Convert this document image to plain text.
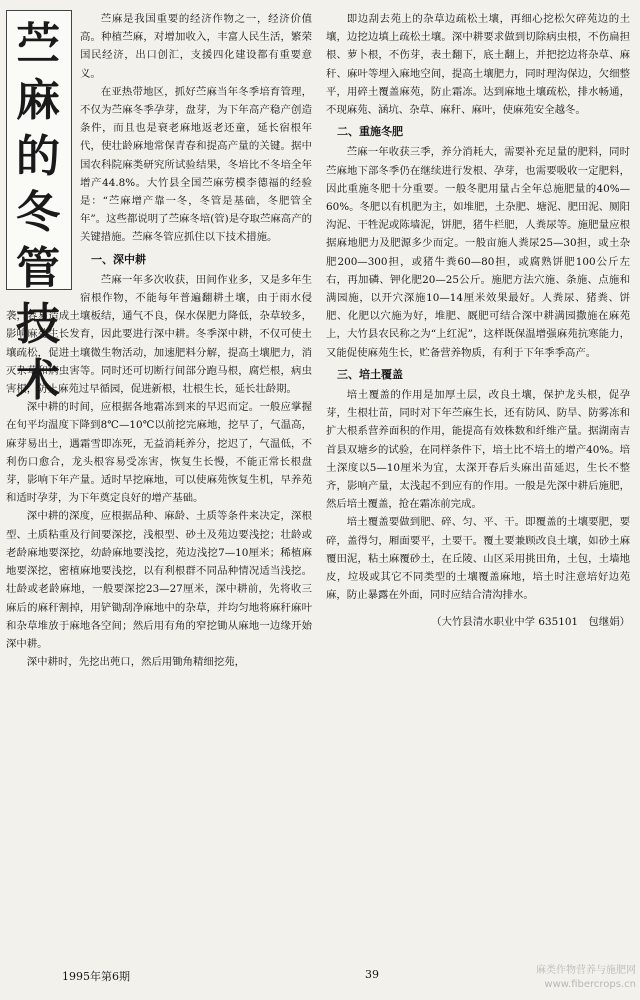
苎
麻
的
冬
管
技
术

苎麻是我国重要的经济作物之一，经济价值高。种植苎麻，对增加收入，丰富人民生活，繁荣国民经济，出口创汇，支援四化建设都有重要意义。

在亚热带地区，抓好苎麻当年冬季培育管理，不仅为苎麻冬季孕芽，盘芽，为下年高产稳产创造条件，而且也是衰老麻地返老还童，延长宿根年代，使壮龄麻地常保青春和提高产量的关键。据中国农科院麻类研究所试验结果，冬培比不冬培全年增产44.8%。大竹县全国苎麻劳模李德福的经验是：“苎麻增产靠一冬，冬管是基础，冬肥管全年”。这些都说明了苎麻冬培(管)是夺取苎麻高产的关键措施。苎麻冬管应抓住以下技术措施。

一、深中耕

苎麻一年多次收获，田间作业多，又是多年生宿根作物，不能每年普遍翻耕土壤，由于雨水侵袭，容易造成土壤板结，通气不良，保水保肥力降低，杂草较多，影响麻苑生长发育，因此要进行深中耕。冬季深中耕，不仅可使土壤疏松，促进土壤微生物活动，加速肥料分解，提高土壤肥力，消灭杂草和病虫害等。同时还可切断行间部分跑马根，腐烂根，病虫害根，防止麻苑过早循园，促进新根，壮根生长，延长壮龄期。

深中耕的时间，应根据各地霜冻到来的早迟而定。一般应掌握在旬平均温度下降到8℃—10℃以前挖完麻地，挖早了，气温高，麻芽易出土，遇霜雪即冻死，无益消耗养分，挖迟了，气温低，不利伤口愈合，龙头根容易受冻害，恢复生长慢，不能正常长根盘芽，影响下年产量。适时早挖麻地，可以使麻苑恢复生机，早养苑和适时孕芽，为下年奠定良好的增产基础。

深中耕的深度，应根据品种、麻龄、土质等条件来决定，深根型、土质粘重及行间要深挖，浅根型、砂土及苑边要浅挖；壮龄或老龄麻地要深挖，幼龄麻地要浅挖，苑边浅挖7—10厘米；稀植麻地要深挖，密植麻地要浅挖，以有利根群不同品种情况适当浅挖。壮龄或老龄麻地，一般要深挖23—27厘米，深中耕前，先将收三麻后的麻秆割掉，用铲锄刮净麻地中的杂草，并均匀地将麻秆麻叶和杂草堆放于麻地各空间；然后用有角的窄挖锄从麻地一边缘开始深中耕。

深中耕时，先挖出蔸口，然后用锄角精细挖苑，

即边刮去苑上的杂草边疏松土壤，再细心挖松欠碎苑边的土壤，边挖边填上疏松土壤。深中耕要求做到切除病虫根，不伤扁担根、萝卜根，不伤芽，表土翻下，底土翻上，并把挖边将杂草、麻秆、麻叶等埋入麻地空间，提高土壤肥力，同时理沟保边，欠细整平，用碎土覆盖麻苑，防止霜冻。达到麻地土壤疏松，排水畅通，不现麻苑、涵坑、杂草、麻秆、麻叶，使麻苑安全越冬。

二、重施冬肥

苎麻一年收获三季，养分消耗大，需要补充足量的肥料，同时苎麻地下部冬季仍在继续进行发根、孕芽，也需要吸收一定肥料，因此重施冬肥十分重要。一般冬肥用量占全年总施肥量的40%—60%。冬肥以有机肥为主，如堆肥，土杂肥、塘泥、肥田泥、厕阳沟泥、干牲泥或陈墙泥，饼肥，猪牛栏肥，人粪尿等。施肥量应根据麻地肥力及肥源多少而定。一般亩施人粪尿25—30担，或土杂肥200—300担，或猪牛粪60—80担，或腐熟饼肥100公斤左右，再加磷、钾化肥20—25公斤。施肥方法穴施、条施、点施和满园施，以开穴深施10—14厘米效果最好。人粪尿、猪粪、饼肥、化肥以穴施为好，堆肥、厩肥可结合深中耕满园撒施在麻苑上，大竹县农民称之为“上红泥”，这样既保温增强麻苑抗寒能力，又能促使麻苑生长，贮备营养物质，有利于下年季季高产。

三、培土覆盖

培土覆盖的作用是加厚土层，改良土壤，保护龙头根，促孕芽，生根壮苗，同时对下年苎麻生长，还有防风、防旱、防雾冻和扩大根系营养面积的作用，能提高有效株数和纤维产量。据湖南吉首县双塘乡的试验，在同样条件下，培土比不培土的增产40%。培土深度以5—10厘米为宜，太深开春后头麻出苗延迟，生长不整齐，影响产量，太浅起不到应有的作用。一般是先深中耕后施肥，然后培土覆盖，抢在霜冻前完成。

培土覆盖要做到肥、碎、匀、平、干。即覆盖的土壤要肥，要碎，盖得匀，厢面要平，土要干。覆土要兼顾改良土壤，如砂土麻覆田泥，粘土麻覆砂土，在丘陵、山区采用挑田角，土包，土墙地皮，垃圾或其它不同类型的土壤覆盖麻地，培土时注意培好边苑麻，防止暴露在外面，同时应结合清沟排水。

（大竹县清水职业中学 635101　包继娟）
1995年第6期	39	麻类作物营养与施肥网 www.fibercrops.cn
